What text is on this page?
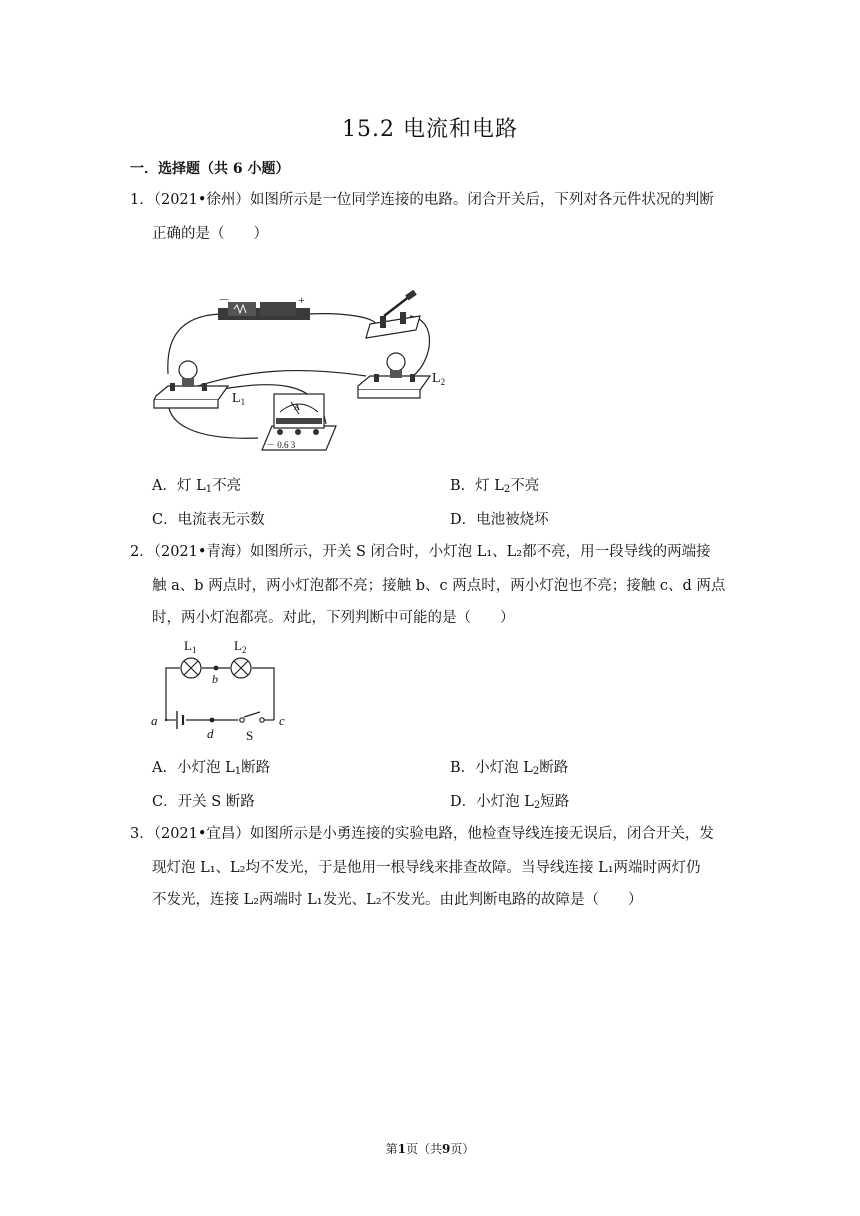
15.2 电流和电路
一．选择题（共 6 小题）
1．（2021•徐州）如图所示是一位同学连接的电路。闭合开关后，下列对各元件状况的判断
正确的是（　　）
－	+
$L_1$
$L_2$
A
－ 0.6 3
A．灯 $L_1$不亮	B．灯 $L_2$不亮
C．电流表无示数	D．电池被烧坏
2．（2021•青海）如图所示，开关 S 闭合时，小灯泡 L₁、L₂都不亮，用一段导线的两端接
触 a、b 两点时，两小灯泡都不亮；接触 b、c 两点时，两小灯泡也不亮；接触 c、d 两点
时，两小灯泡都亮。对此，下列判断中可能的是（　　）
$L_1$	$L_2$
b
a	c
d	S
A．小灯泡 $L_1$断路	B．小灯泡 $L_2$断路
C．开关 S 断路	D．小灯泡 $L_2$短路
3．（2021•宜昌）如图所示是小勇连接的实验电路，他检查导线连接无误后，闭合开关，发
现灯泡 L₁、L₂均不发光，于是他用一根导线来排查故障。当导线连接 L₁两端时两灯仍
不发光，连接 L₂两端时 L₁发光、L₂不发光。由此判断电路的故障是（　　）
第1页（共9页）
